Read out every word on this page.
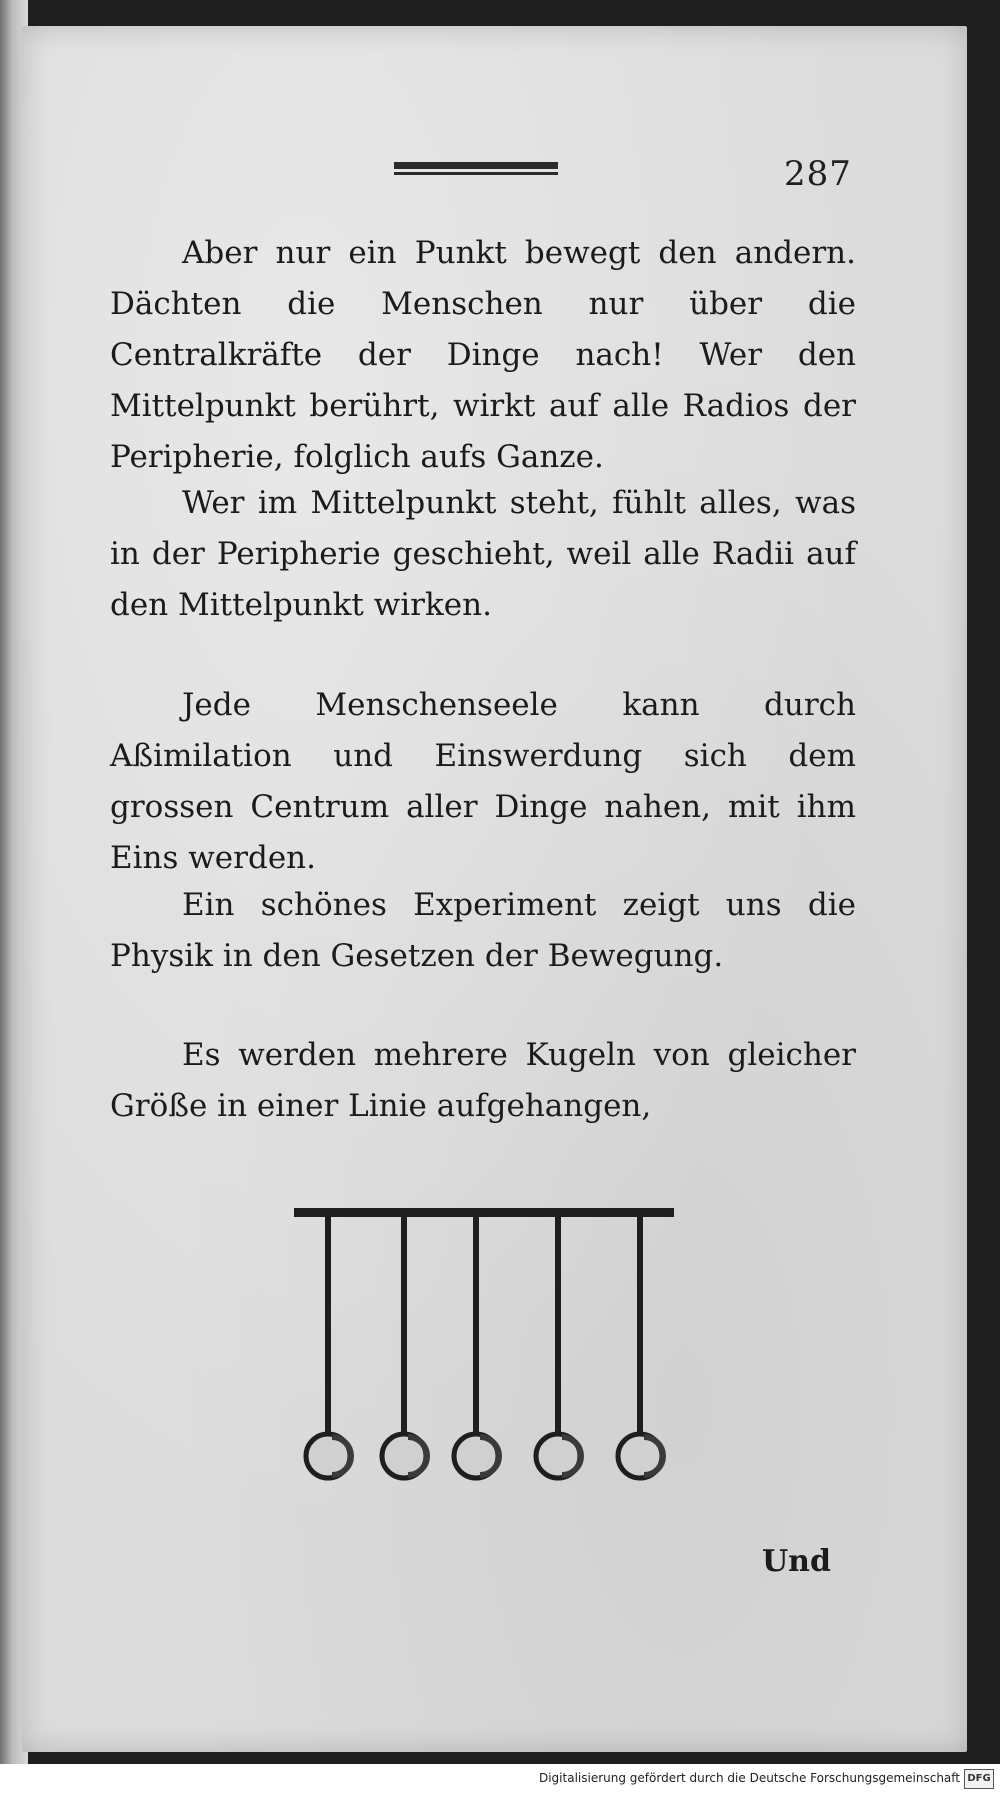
287

Aber nur ein Punkt bewegt den andern. Dächten die Menschen nur über die Centralkräfte der Dinge nach! Wer den Mittelpunkt berührt, wirkt auf alle Radios der Peripherie, folglich aufs Ganze.

Wer im Mittelpunkt steht, fühlt alles, was in der Peripherie geschieht, weil alle Radii auf den Mittelpunkt wirken.

Jede Menschenseele kann durch Aßimilation und Einswerdung sich dem grossen Centrum aller Dinge nahen, mit ihm Eins werden.

Ein schönes Experiment zeigt uns die Physik in den Gesetzen der Bewegung.

Es werden mehrere Kugeln von gleicher Größe in einer Linie aufgehangen,

Und
Digitalisierung gefördert durch die Deutsche Forschungsgemeinschaft DFG
